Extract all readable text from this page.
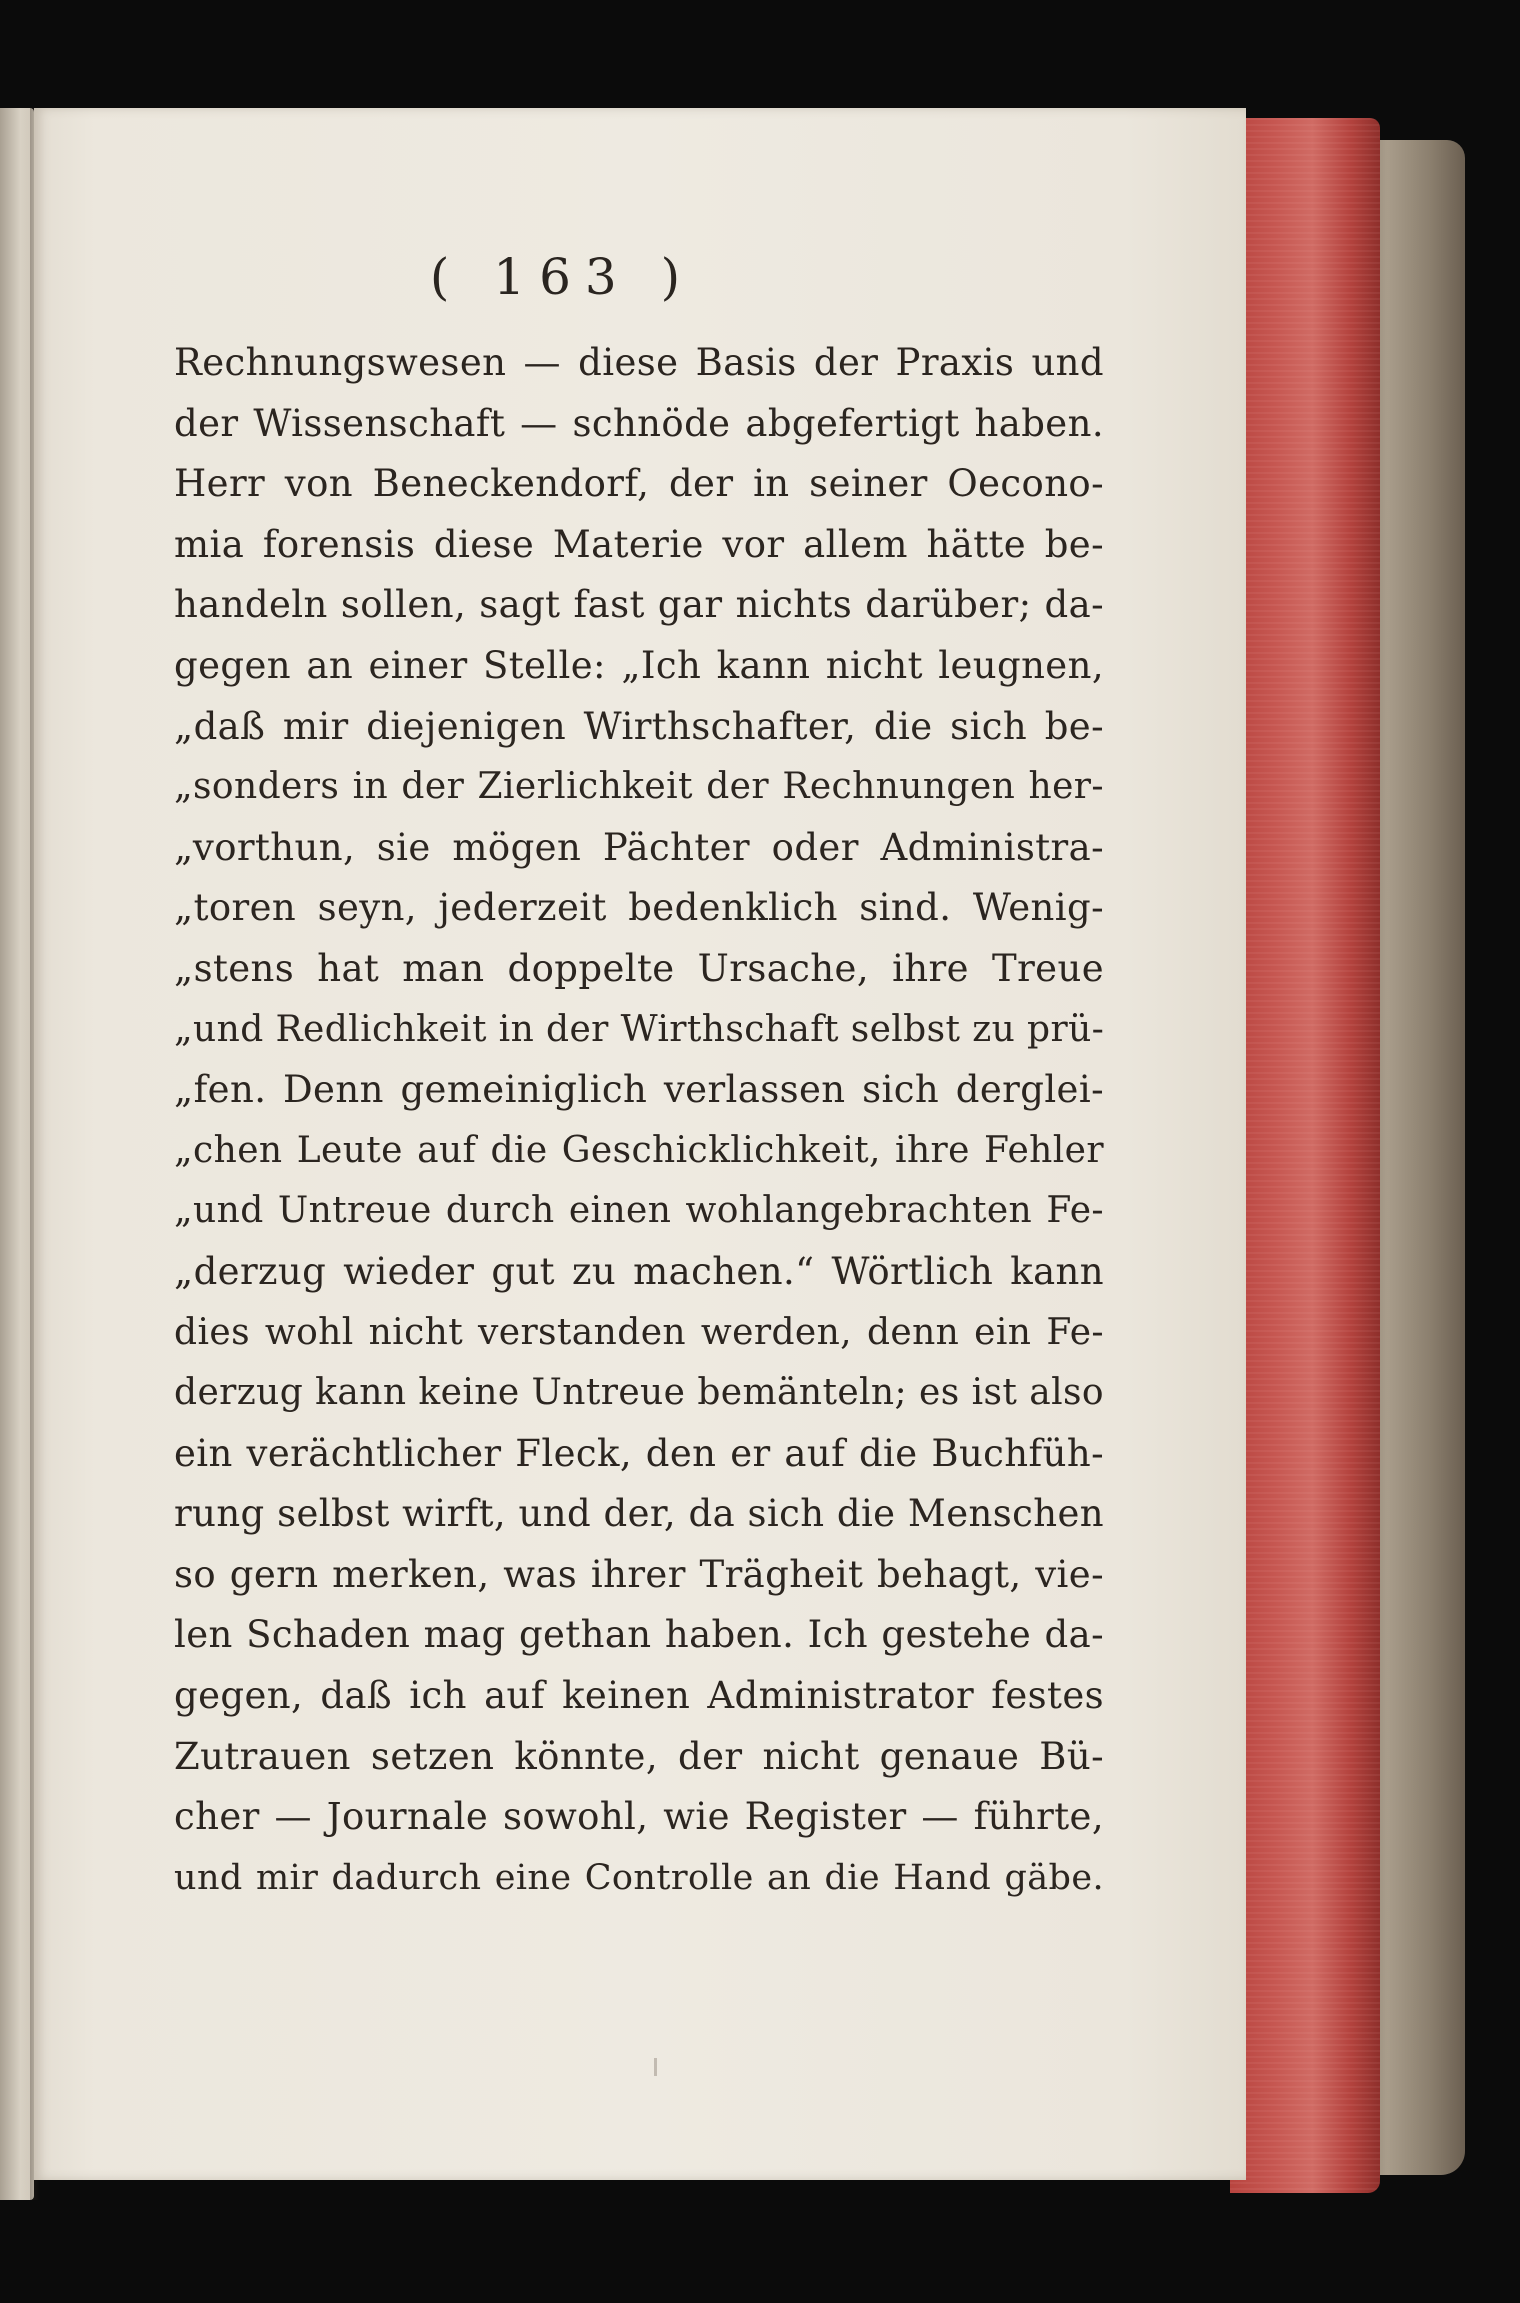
( 163 )
Rechnungswesen — diese Basis der Praxis und
der Wissenschaft — schnöde abgefertigt haben.
Herr von Beneckendorf, der in seiner Oecono-
mia forensis diese Materie vor allem hätte be-
handeln sollen, sagt fast gar nichts darüber; da-
gegen an einer Stelle: „Ich kann nicht leugnen,
„daß mir diejenigen Wirthschafter, die sich be-
„sonders in der Zierlichkeit der Rechnungen her-
„vorthun, sie mögen Pächter oder Administra-
„toren seyn, jederzeit bedenklich sind. Wenig-
„stens hat man doppelte Ursache, ihre Treue
„und Redlichkeit in der Wirthschaft selbst zu prü-
„fen. Denn gemeiniglich verlassen sich derglei-
„chen Leute auf die Geschicklichkeit, ihre Fehler
„und Untreue durch einen wohlangebrachten Fe-
„derzug wieder gut zu machen.“ Wörtlich kann
dies wohl nicht verstanden werden, denn ein Fe-
derzug kann keine Untreue bemänteln; es ist also
ein verächtlicher Fleck, den er auf die Buchfüh-
rung selbst wirft, und der, da sich die Menschen
so gern merken, was ihrer Trägheit behagt, vie-
len Schaden mag gethan haben. Ich gestehe da-
gegen, daß ich auf keinen Administrator festes
Zutrauen setzen könnte, der nicht genaue Bü-
cher — Journale sowohl, wie Register — führte,
und mir dadurch eine Controlle an die Hand gäbe.
